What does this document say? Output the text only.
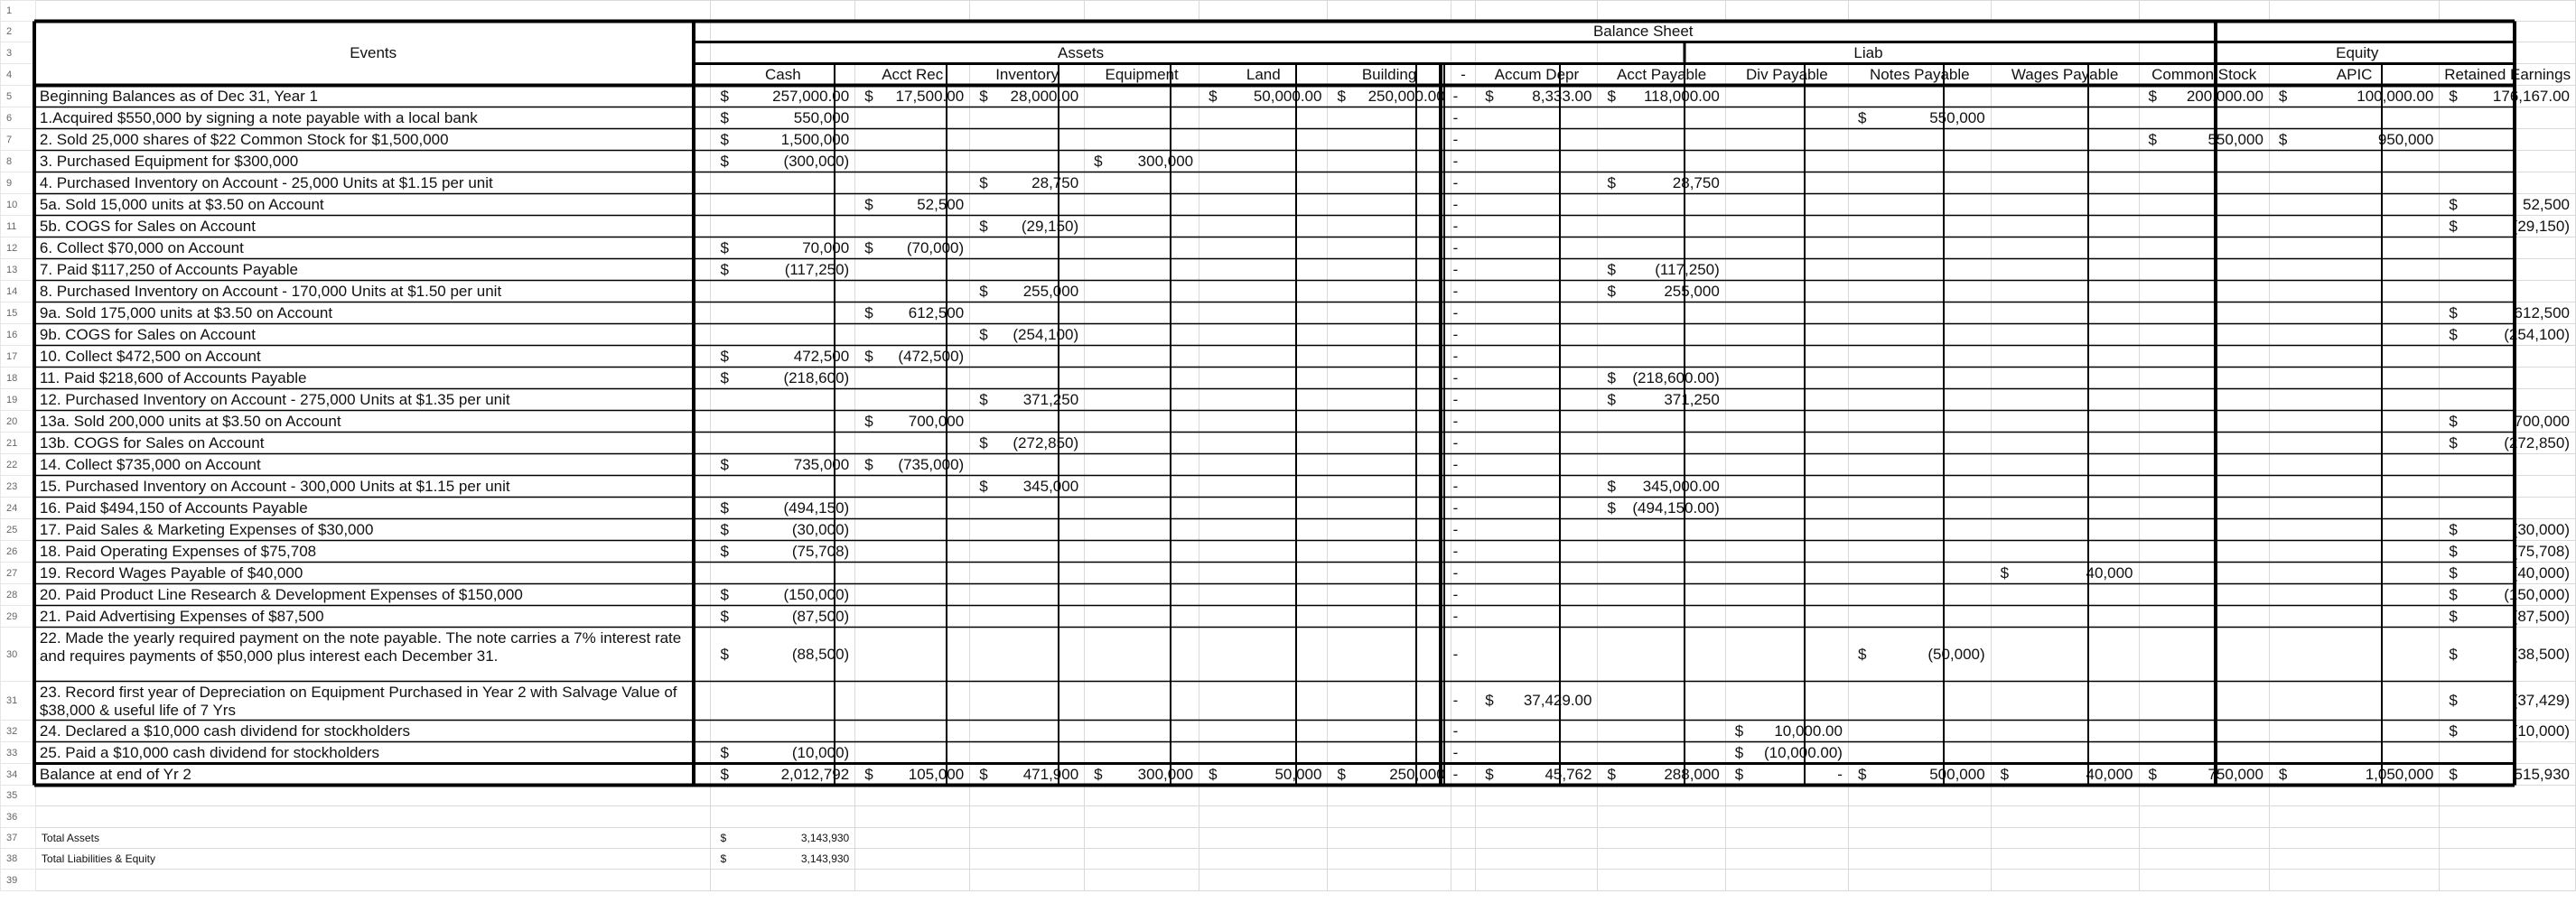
1																
2	Events	Balance Sheet														
3		Assets								Liab				Equity		
4		Cash	Acct Rec	Inventory	Equipment	Land	Building	-	Accum Depr	Acct Payable	Div Payable	Notes Payable	Wages Payable	Common Stock	APIC	Retained Earnings
5	Beginning Balances as of Dec 31, Year 1	$ 257,000.00	$ 17,500.00	$ 28,000.00		$ 50,000.00	$ 250,000.00	-	$ 8,333.00	$ 118,000.00				$ 200,000.00	$ 100,000.00	$ 176,167.00

6	1.Acquired $550,000 by signing a note payable with a local bank	$ 550,000						-				$ 550,000				

7	2. Sold 25,000 shares of $22 Common Stock for $1,500,000	$ 1,500,000						-						$ 550,000	$ 950,000	

8	3. Purchased Equipment for $300,000	$ (300,000)			$ 300,000			-	

9	4. Purchased Inventory on Account - 25,000 Units at $1.15 per unit			$ 28,750				-		$ 28,750						

10	5a. Sold 15,000 units at $3.50 on Account		$ 52,500					-								$ 52,500

11	5b. COGS for Sales on Account			$ (29,150)				-								$ (29,150)

12	6. Collect $70,000 on Account	$ 70,000	$ (70,000)					-	

13	7. Paid $117,250 of Accounts Payable	$ (117,250)						-		$ (117,250)						

14	8. Purchased Inventory on Account - 170,000 Units at $1.50 per unit			$ 255,000				-		$ 255,000						

15	9a. Sold 175,000 units at $3.50 on Account		$ 612,500					-								$ 612,500

16	9b. COGS for Sales on Account			$ (254,100)				-								$ (254,100)

17	10. Collect $472,500 on Account	$ 472,500	$ (472,500)					-	

18	11. Paid $218,600 of Accounts Payable	$ (218,600)						-		$ (218,600.00)						

19	12. Purchased Inventory on Account - 275,000 Units at $1.35 per unit			$ 371,250				-		$ 371,250						

20	13a. Sold 200,000 units at $3.50 on Account		$ 700,000					-								$ 700,000

21	13b. COGS for Sales on Account			$ (272,850)				-								$ (272,850)

22	14. Collect $735,000 on Account	$ 735,000	$ (735,000)					-	

23	15. Purchased Inventory on Account - 300,000 Units at $1.15 per unit			$ 345,000				-		$ 345,000.00						

24	16. Paid $494,150 of Accounts Payable	$ (494,150)						-		$ (494,150.00)						

25	17. Paid Sales & Marketing Expenses of $30,000	$ (30,000)						-								$ (30,000)

26	18. Paid Operating Expenses of $75,708	$ (75,708)						-								$ (75,708)

27	19. Record Wages Payable of $40,000							-					$ 40,000			$ (40,000)

28	20. Paid Product Line Research & Development Expenses of $150,000	$ (150,000)						-								$ (150,000)

29	21. Paid Advertising Expenses of $87,500	$ (87,500)						-								$ (87,500)

30	22. Made the yearly required payment on the note payable. The note carries a 7% interest rate and requires payments of $50,000 plus interest each December 31.	$ (88,500)						-				$ (50,000)				$ (38,500)

31	23. Record first year of Depreciation on Equipment Purchased in Year 2 with Salvage Value of $38,000 & useful life of 7 Yrs							-	$ 37,429.00							$ (37,429)

32	24. Declared a $10,000 cash dividend for stockholders							-			$ 10,000.00					$ (10,000)

33	25. Paid a $10,000 cash dividend for stockholders	$ (10,000)						-			$ (10,000.00)					

34	Balance at end of Yr 2	$ 2,012,792	$ 105,000	$ 471,900	$ 300,000	$ 50,000	$ 250,000	-	$ 45,762	$ 288,000	$ -	$ 500,000	$ 40,000	$ 750,000	$ 1,050,000	$ 515,930

35																
36																
37	Total Assets	$ 3,143,930														

38	Total Liabilities & Equity	$ 3,143,930														

39																
